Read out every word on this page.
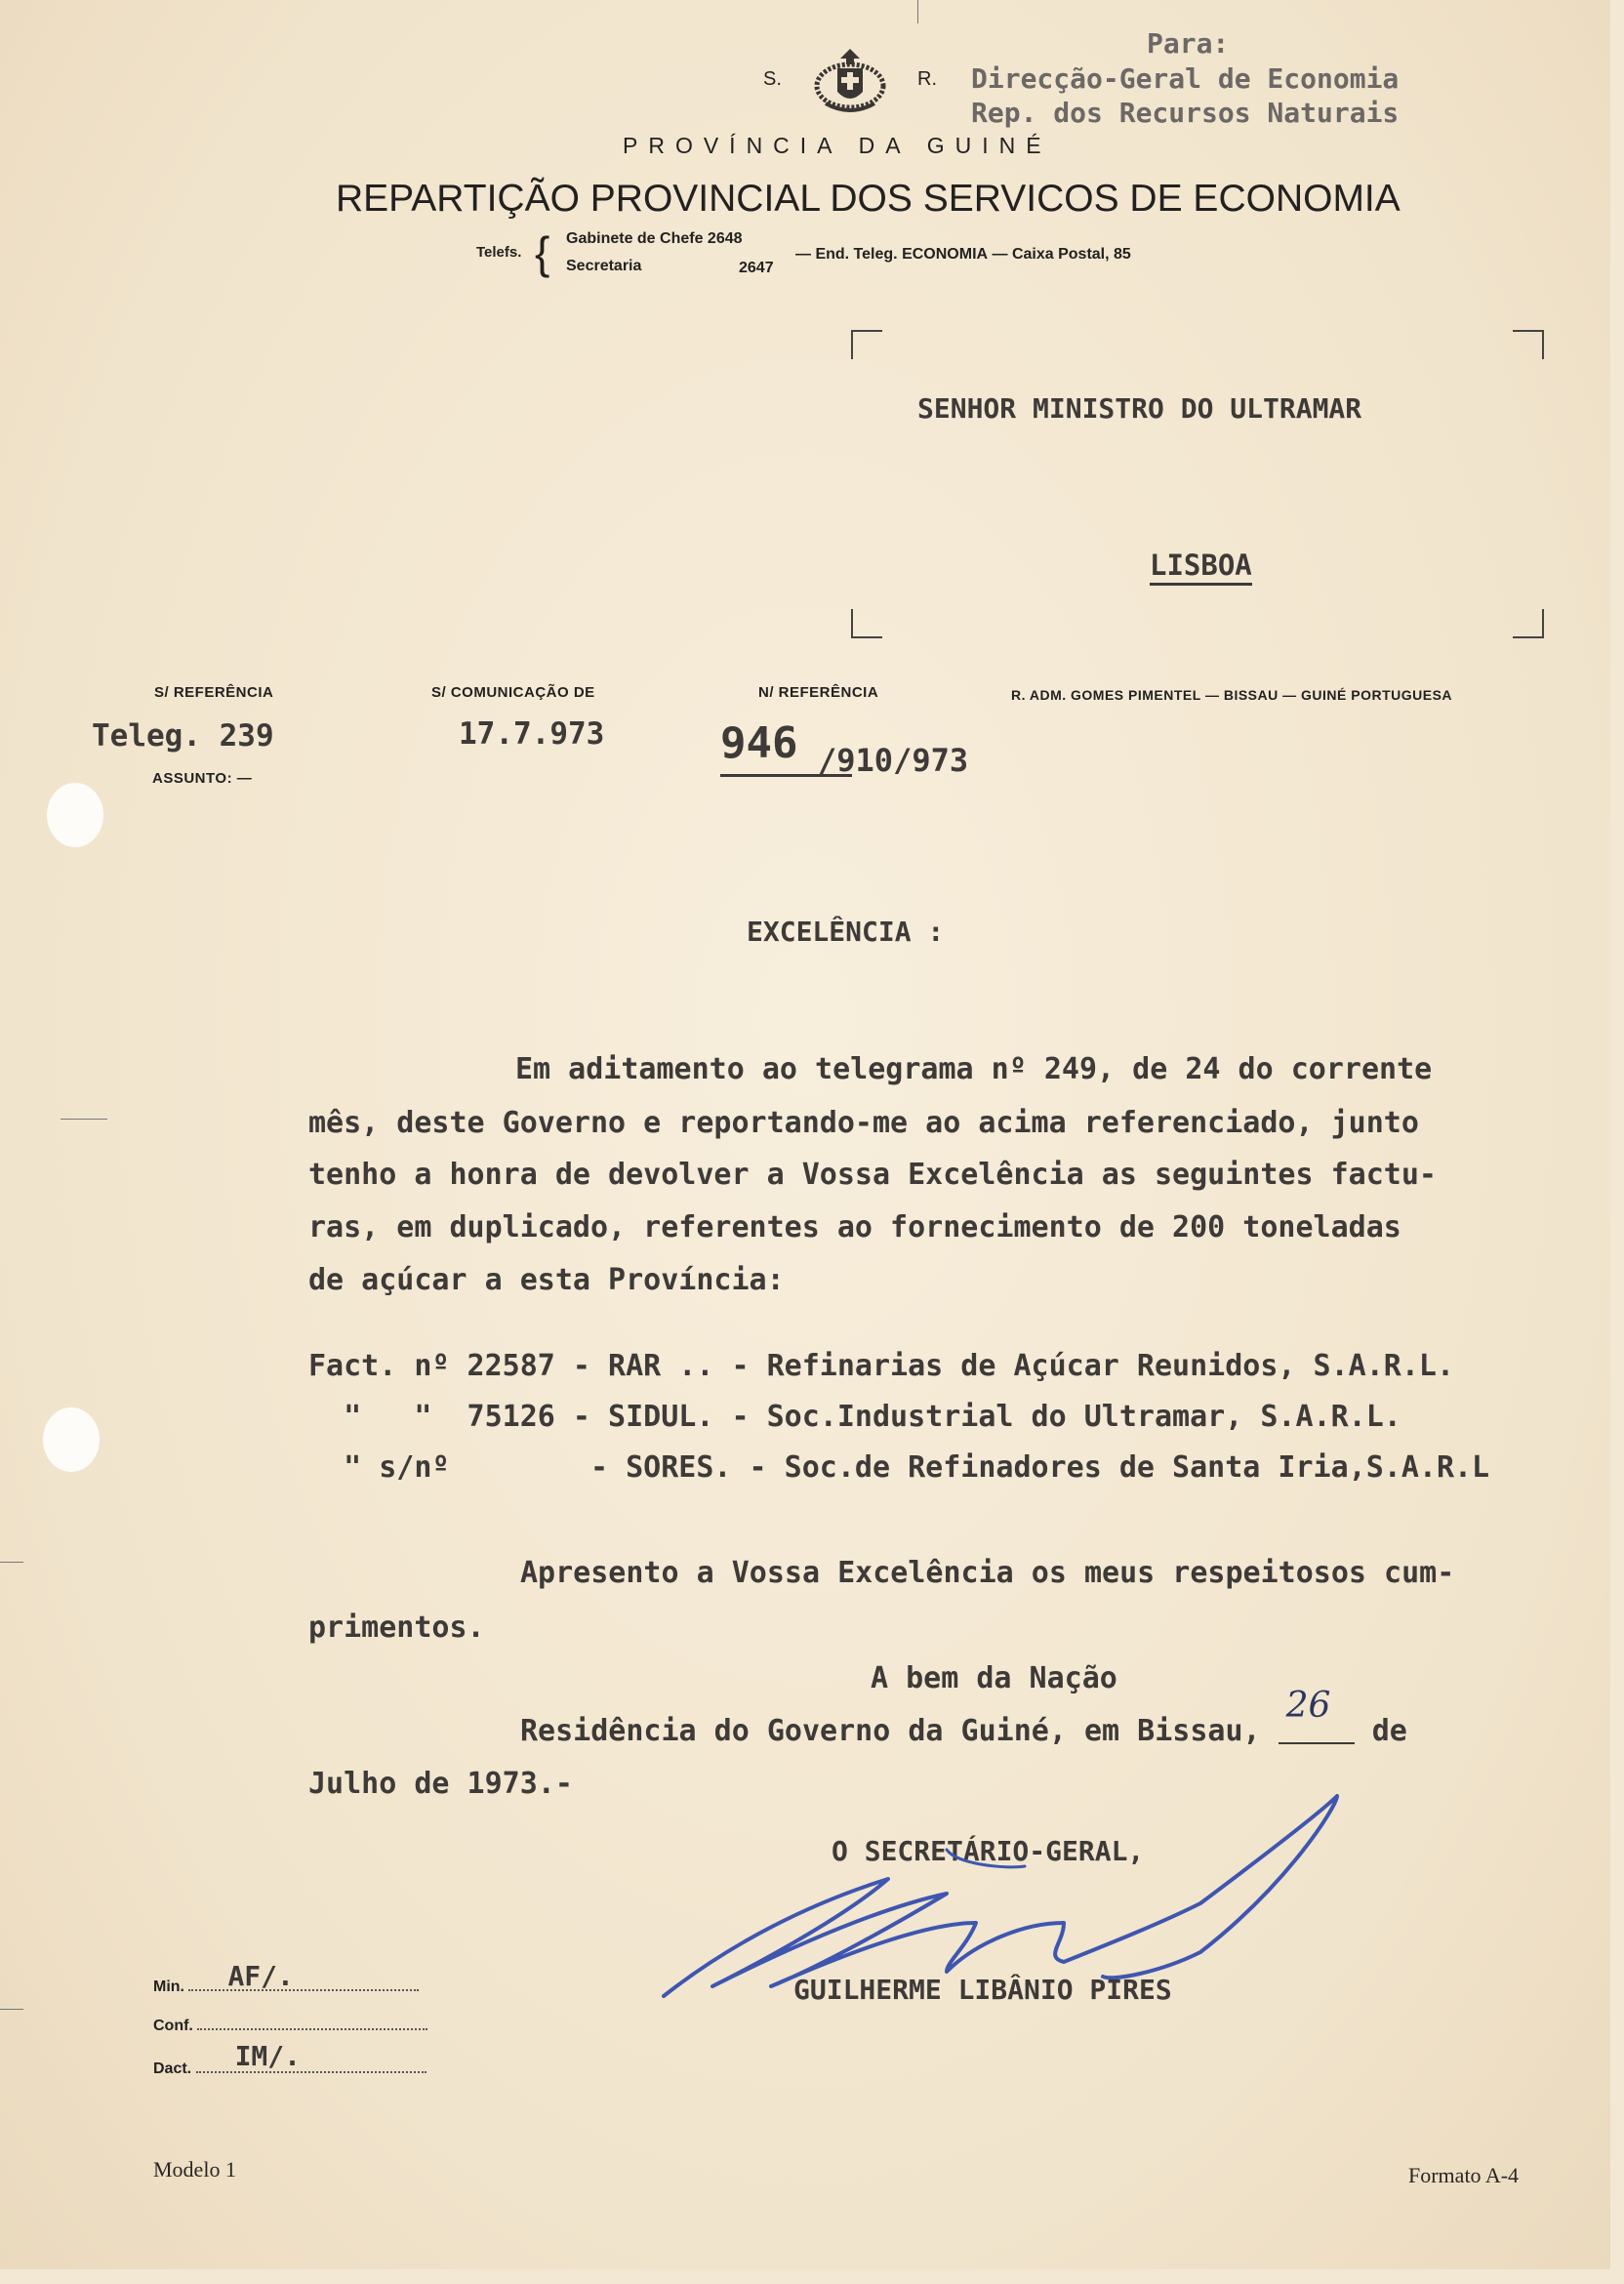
Para:
Direcção-Geral de Economia
Rep. dos Recursos Naturais
S.	R.
PROVÍNCIA DA GUINÉ
REPARTIÇÃO PROVINCIAL DOS SERVICOS DE ECONOMIA
Telefs. { Gabinete de Chefe 2648
Secretaria	2647
— End. Teleg. ECONOMIA — Caixa Postal, 85
SENHOR MINISTRO DO ULTRAMAR
LISBOA
S/ REFERÊNCIA	S/ COMUNICAÇÃO DE	N/ REFERÊNCIA	R. ADM. GOMES PIMENTEL — BISSAU — GUINÉ PORTUGUESA
Teleg. 239	17.7.973	946 /910/973
ASSUNTO: —
EXCELÊNCIA :
Em aditamento ao telegrama nº 249, de 24 do corrente
mês, deste Governo e reportando-me ao acima referenciado, junto
tenho a honra de devolver a Vossa Excelência as seguintes factu-
ras, em duplicado, referentes ao fornecimento de 200 toneladas
de açúcar a esta Província:
Fact. nº 22587 - RAR .. - Refinarias de Açúcar Reunidos, S.A.R.L.
"   "  75126 - SIDUL. - Soc.Industrial do Ultramar, S.A.R.L.
" s/nº        - SORES. - Soc.de Refinadores de Santa Iria,S.A.R.L
Apresento a Vossa Excelência os meus respeitosos cum-
primentos.
A bem da Nação
Residência do Governo da Guiné, em Bissau,
26
de
Julho de 1973.-
O SECRETÁRIO-GERAL,
GUILHERME LIBÂNIO PIRES
Min. AF/.
Conf.
Dact. IM/.
Modelo 1	Formato A-4
